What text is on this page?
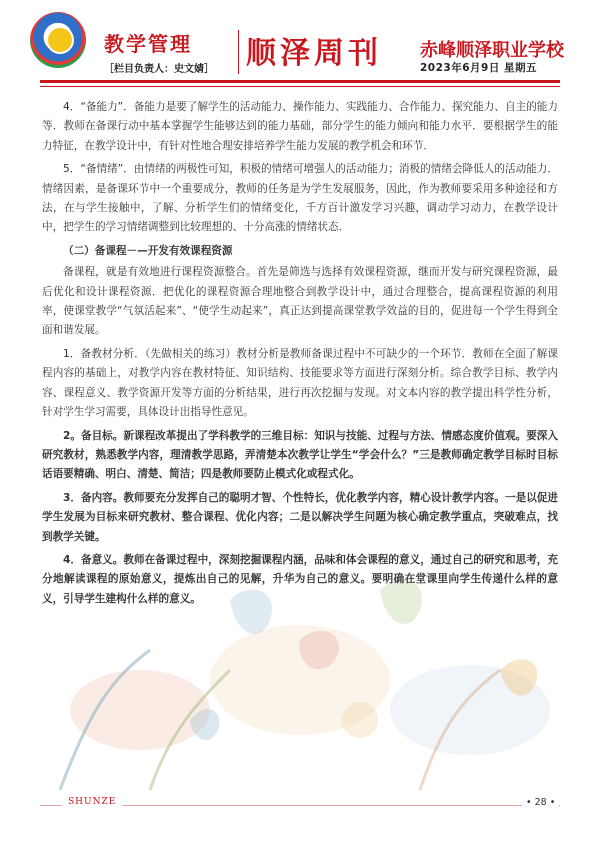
教学管理
［栏目负责人：史文婧］ 顺泽周刊 赤峰顺泽职业学校
2023年6月9日 星期五

4．“备能力”．备能力是要了解学生的活动能力、操作能力、实践能力、合作能力、探究能力、自主的能力等．教师在备课行动中基本掌握学生能够达到的能力基础，部分学生的能力倾向和能力水平．要根据学生的能力特征，在教学设计中，有针对性地合理安排培养学生能力发展的教学机会和环节．

5．“备情绪”．由情绪的两极性可知，积极的情绪可增强人的活动能力；消极的情绪会降低人的活动能力．情绪因素，是备课环节中一个重要成分，教师的任务是为学生发展服务，因此，作为教师要采用多种途径和方法，在与学生接触中，了解、分析学生们的情绪变化，千方百计激发学习兴趣，调动学习动力，在教学设计中，把学生的学习情绪调整到比较理想的、十分高涨的情绪状态．

（二）备课程－—开发有效课程资源

备课程，就是有效地进行课程资源整合。首先是筛选与选择有效课程资源，继而开发与研究课程资源，最后优化和设计课程资源．把优化的课程资源合理地整合到教学设计中，通过合理整合，提高课程资源的利用率，使课堂教学“气氛活起来”、“使学生动起来”，真正达到提高课堂教学效益的目的，促进每一个学生得到全面和谐发展。

1．备教材分析．（先做相关的练习）教材分析是教师备课过程中不可缺少的一个环节．教师在全面了解课程内容的基础上，对教学内容在教材特征、知识结构、技能要求等方面进行深刻分析。综合教学目标、教学内容、课程意义、教学资源开发等方面的分析结果，进行再次挖掘与发现。对文本内容的教学提出科学性分析，针对学生学习需要，具体设计出指导性意见。

2。备目标。新课程改革提出了学科教学的三维目标：知识与技能、过程与方法、情感态度价值观。要深入研究教材，熟悉教学内容，理清教学思路，弄清楚本次教学让学生“学会什么？”三是教师确定教学目标时目标话语要精确、明白、清楚、简洁；四是教师要防止模式化或程式化。

3．备内容。教师要充分发挥自己的聪明才智、个性特长，优化教学内容，精心设计教学内容。一是以促进学生发展为目标来研究教材、整合课程、优化内容；二是以解决学生问题为核心确定教学重点，突破难点，找到教学关键。

4．备意义。教师在备课过程中，深刻挖掘课程内涵，品味和体会课程的意义，通过自己的研究和思考，充分地解读课程的原始意义，提炼出自己的见解，升华为自己的意义。要明确在堂课里向学生传递什么样的意义，引导学生建构什么样的意义。

SHUNZE	• 28 •
